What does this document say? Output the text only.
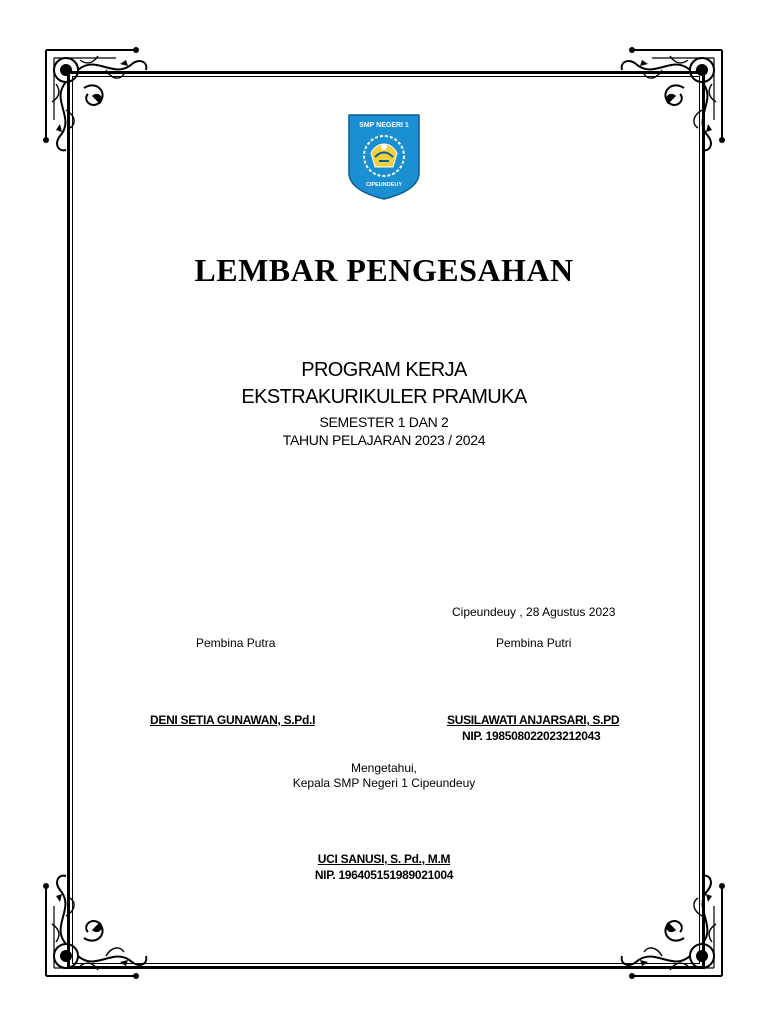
SMP NEGERI 1
CIPEUNDEUY
LEMBAR PENGESAHAN
PROGRAM KERJA
EKSTRAKURIKULER PRAMUKA
SEMESTER 1 DAN 2
TAHUN PELAJARAN 2023 / 2024
Cipeundeuy , 28 Agustus 2023
Pembina Putra	Pembina Putri
DENI SETIA GUNAWAN, S.Pd.I	SUSILAWATI ANJARSARI, S.PD
NIP. 198508022023212043
Mengetahui,
Kepala SMP Negeri 1 Cipeundeuy
UCI SANUSI, S. Pd., M.M
NIP. 196405151989021004
